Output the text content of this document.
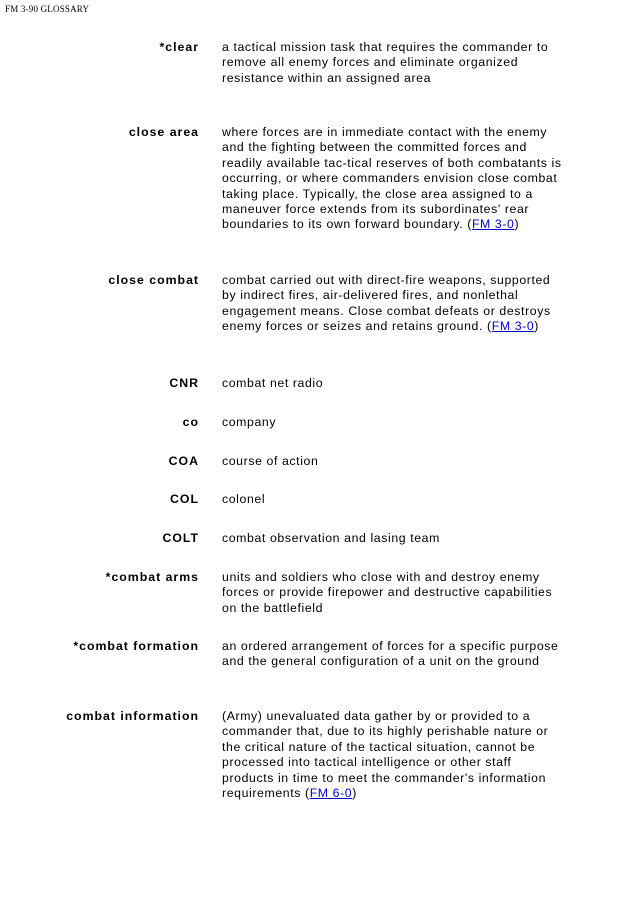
FM 3-90 GLOSSARY
*clear a tactical mission task that requires the commander to remove all enemy forces and eliminate organized resistance within an assigned area
close area where forces are in immediate contact with the enemy and the fighting between the committed forces and readily available tac-tical reserves of both combatants is occurring, or where commanders envision close combat taking place. Typically, the close area assigned to a maneuver force extends from its subordinates' rear boundaries to its own forward boundary. (FM 3-0)
close combat combat carried out with direct-fire weapons, supported by indirect fires, air-delivered fires, and nonlethal engagement means. Close combat defeats or destroys enemy forces or seizes and retains ground. (FM 3-0)
CNR combat net radio
co company
COA course of action
COL colonel
COLT combat observation and lasing team
*combat arms units and soldiers who close with and destroy enemy forces or provide firepower and destructive capabilities on the battlefield
*combat formation an ordered arrangement of forces for a specific purpose and the general configuration of a unit on the ground
combat information (Army) unevaluated data gather by or provided to a commander that, due to its highly perishable nature or the critical nature of the tactical situation, cannot be processed into tactical intelligence or other staff products in time to meet the commander's information requirements (FM 6-0)
